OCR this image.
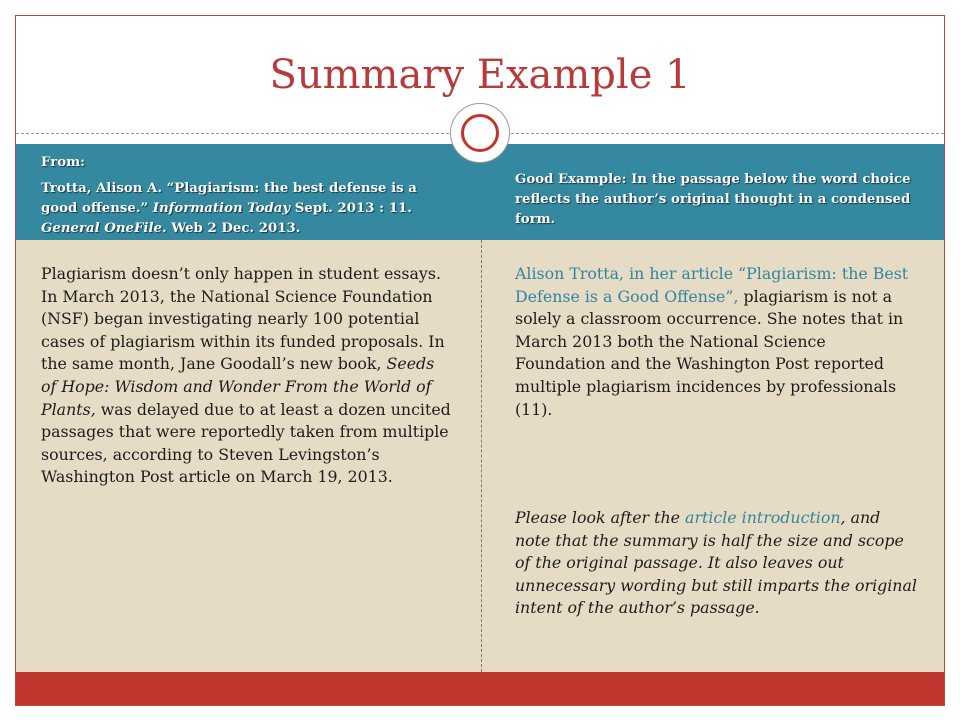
Summary Example 1

From:

Trotta, Alison A. “Plagiarism: the best defense is a good offense.” Information Today Sept. 2013 : 11. General OneFile. Web 2 Dec. 2013.

Good Example: In the passage below the word choice reflects the author’s original thought in a condensed form.

Plagiarism doesn’t only happen in student essays. In March 2013, the National Science Foundation (NSF) began investigating nearly 100 potential cases of plagiarism within its funded proposals. In the same month, Jane Goodall’s new book, Seeds of Hope: Wisdom and Wonder From the World of Plants, was delayed due to at least a dozen uncited passages that were reportedly taken from multiple sources, according to Steven Levingston’s Washington Post article on March 19, 2013.

Alison Trotta, in her article “Plagiarism: the Best Defense is a Good Offense”, plagiarism is not a solely a classroom occurrence. She notes that in March 2013 both the National Science Foundation and the Washington Post reported multiple plagiarism incidences by professionals (11).

Please look after the article introduction, and note that the summary is half the size and scope of the original passage. It also leaves out unnecessary wording but still imparts the original intent of the author’s passage.
